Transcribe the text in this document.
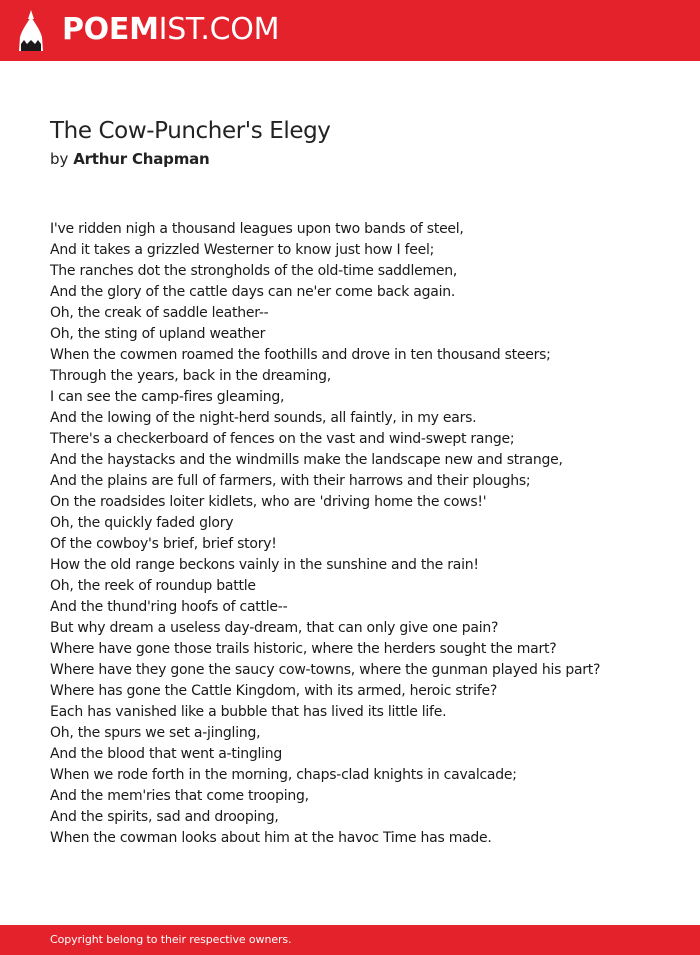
POEMIST.COM
The Cow-Puncher's Elegy
by Arthur Chapman
I've ridden nigh a thousand leagues upon two bands of steel,
And it takes a grizzled Westerner to know just how I feel;
The ranches dot the strongholds of the old-time saddlemen,
And the glory of the cattle days can ne'er come back again.
Oh, the creak of saddle leather--
Oh, the sting of upland weather
When the cowmen roamed the foothills and drove in ten thousand steers;
Through the years, back in the dreaming,
I can see the camp-fires gleaming,
And the lowing of the night-herd sounds, all faintly, in my ears.
There's a checkerboard of fences on the vast and wind-swept range;
And the haystacks and the windmills make the landscape new and strange,
And the plains are full of farmers, with their harrows and their ploughs;
On the roadsides loiter kidlets, who are 'driving home the cows!'
Oh, the quickly faded glory
Of the cowboy's brief, brief story!
How the old range beckons vainly in the sunshine and the rain!
Oh, the reek of roundup battle
And the thund'ring hoofs of cattle--
But why dream a useless day-dream, that can only give one pain?
Where have gone those trails historic, where the herders sought the mart?
Where have they gone the saucy cow-towns, where the gunman played his part?
Where has gone the Cattle Kingdom, with its armed, heroic strife?
Each has vanished like a bubble that has lived its little life.
Oh, the spurs we set a-jingling,
And the blood that went a-tingling
When we rode forth in the morning, chaps-clad knights in cavalcade;
And the mem'ries that come trooping,
And the spirits, sad and drooping,
When the cowman looks about him at the havoc Time has made.
Copyright belong to their respective owners.
